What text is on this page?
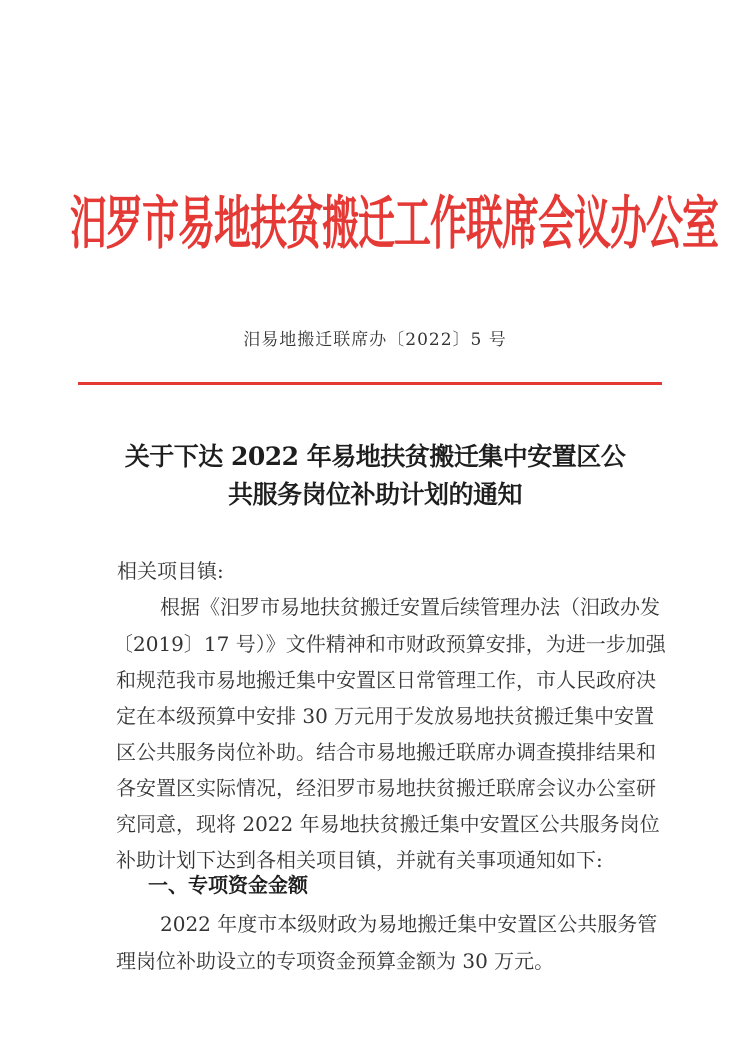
汨罗市易地扶贫搬迁工作联席会议办公室
汨易地搬迁联席办〔2022〕5 号
关于下达 2022 年易地扶贫搬迁集中安置区公
共服务岗位补助计划的通知
相关项目镇:
根据《汨罗市易地扶贫搬迁安置后续管理办法（汨政办发
〔2019〕17 号）》文件精神和市财政预算安排，为进一步加强
和规范我市易地搬迁集中安置区日常管理工作，市人民政府决
定在本级预算中安排 30 万元用于发放易地扶贫搬迁集中安置
区公共服务岗位补助。结合市易地搬迁联席办调查摸排结果和
各安置区实际情况，经汨罗市易地扶贫搬迁联席会议办公室研
究同意，现将 2022 年易地扶贫搬迁集中安置区公共服务岗位
补助计划下达到各相关项目镇，并就有关事项通知如下:
一、专项资金金额
2022 年度市本级财政为易地搬迁集中安置区公共服务管
理岗位补助设立的专项资金预算金额为 30 万元。
